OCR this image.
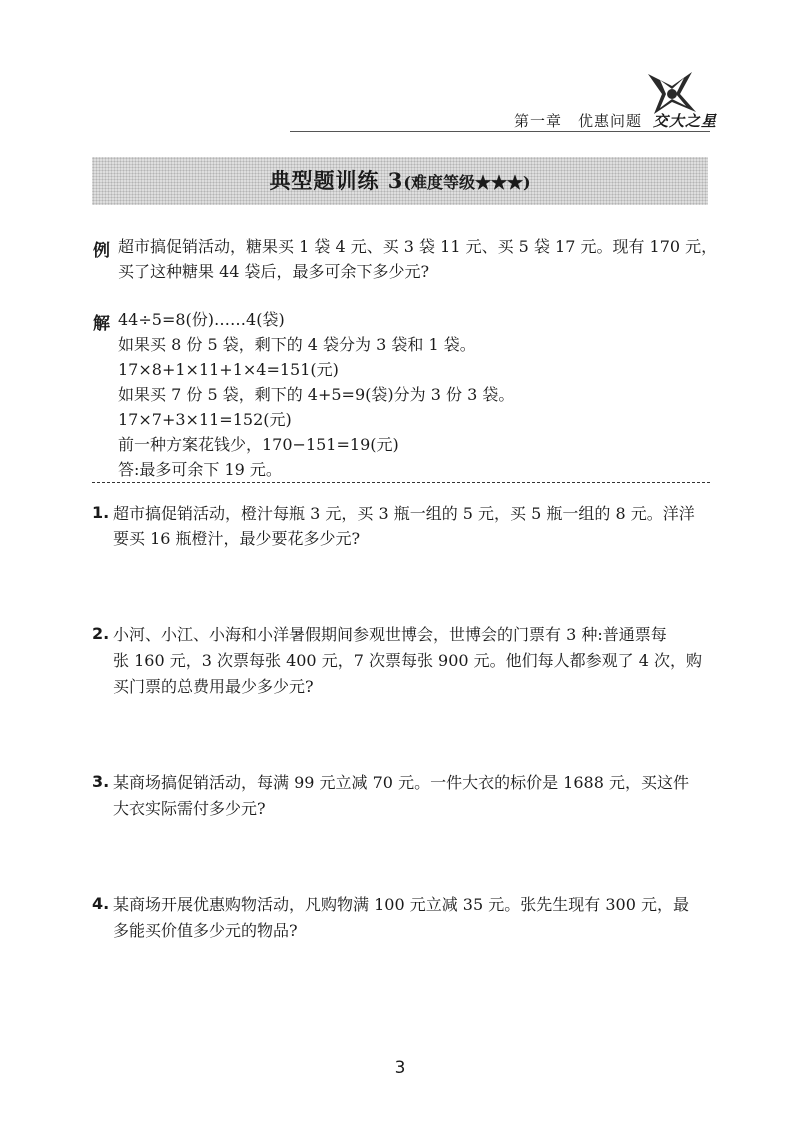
第一章　优惠问题 交大之星
典型题训练 3(难度等级★★★)
例 超市搞促销活动，糖果买 1 袋 4 元、买 3 袋 11 元、买 5 袋 17 元。现有 170 元，
买了这种糖果 44 袋后，最多可余下多少元?
解 44÷5=8(份)……4(袋)
如果买 8 份 5 袋，剩下的 4 袋分为 3 袋和 1 袋。
17×8+1×11+1×4=151(元)
如果买 7 份 5 袋，剩下的 4+5=9(袋)分为 3 份 3 袋。
17×7+3×11=152(元)
前一种方案花钱少，170−151=19(元)
答:最多可余下 19 元。
1. 超市搞促销活动，橙汁每瓶 3 元，买 3 瓶一组的 5 元，买 5 瓶一组的 8 元。洋洋
要买 16 瓶橙汁，最少要花多少元?
2. 小河、小江、小海和小洋暑假期间参观世博会，世博会的门票有 3 种:普通票每
张 160 元，3 次票每张 400 元，7 次票每张 900 元。他们每人都参观了 4 次，购
买门票的总费用最少多少元?
3. 某商场搞促销活动，每满 99 元立减 70 元。一件大衣的标价是 1688 元，买这件
大衣实际需付多少元?
4. 某商场开展优惠购物活动，凡购物满 100 元立减 35 元。张先生现有 300 元，最
多能买价值多少元的物品?
3
